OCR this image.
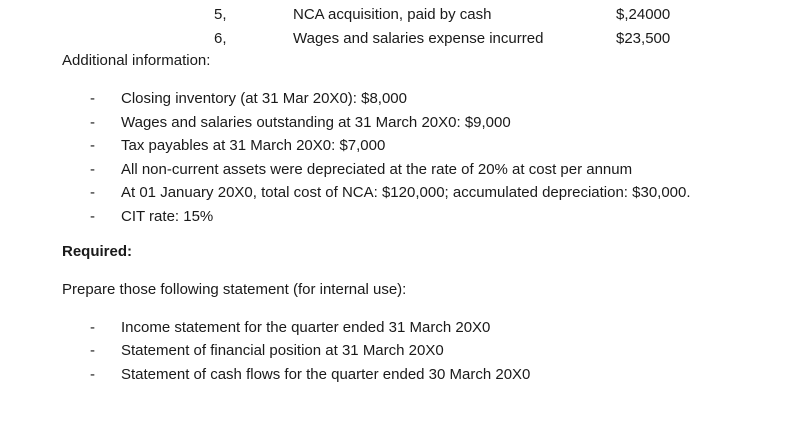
5,	NCA acquisition, paid by cash	$,24000
6,	Wages and salaries expense incurred	$23,500
Additional information:
- Closing inventory (at 31 Mar 20X0): $8,000
- Wages and salaries outstanding at 31 March 20X0: $9,000
- Tax payables at 31 March 20X0: $7,000
- All non-current assets were depreciated at the rate of 20% at cost per annum
- At 01 January 20X0, total cost of NCA: $120,000; accumulated depreciation: $30,000.
- CIT rate: 15%
Required:
Prepare those following statement (for internal use):
- Income statement for the quarter ended 31 March 20X0
- Statement of financial position at 31 March 20X0
- Statement of cash flows for the quarter ended 30 March 20X0
